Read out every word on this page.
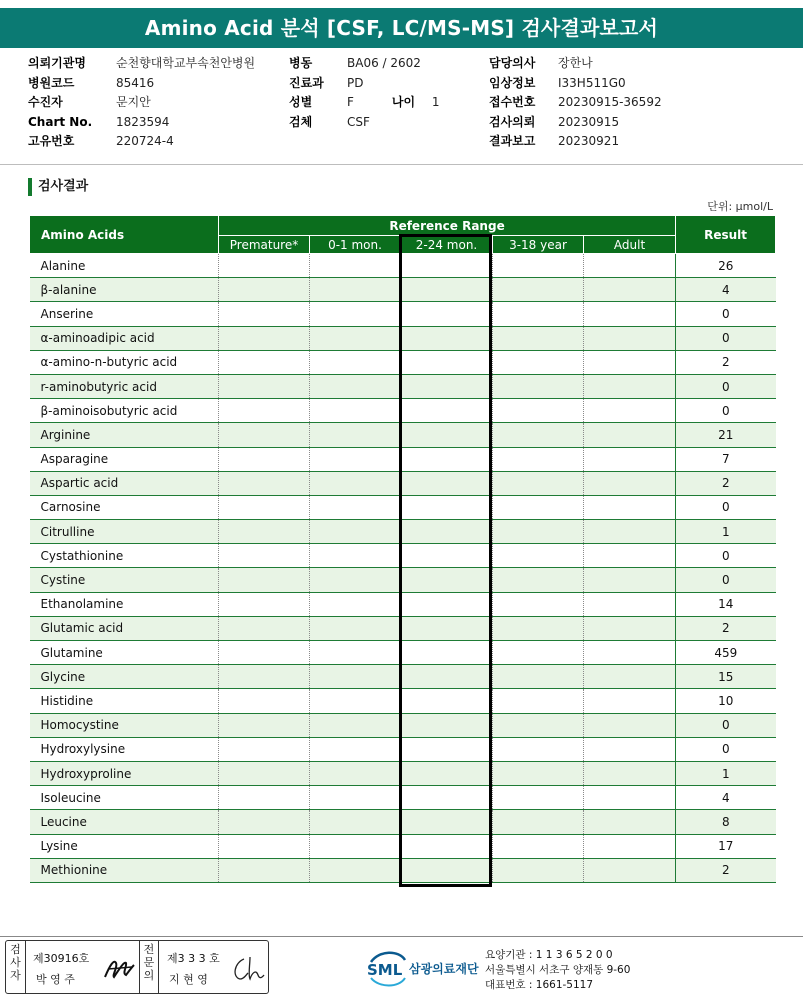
Amino Acid 분석 [CSF, LC/MS-MS] 검사결과보고서
의뢰기관명	순천향대학교부속천안병원
병원코드	85416
수진자	문지안
Chart No. 1823594
고유번호	220724-4
병동	BA06 / 2602
진료과 PD
성별	F	나이 1
검체	CSF
담당의사 장한나
임상정보 I33H511G0
접수번호 20230915-36592
검사의뢰 20230915
결과보고 20230921
검사결과
단위: μmol/L
Amino Acids	Reference Range					Result
	Premature*	0-1 mon.	2-24 mon.	3-18 year	Adult	
Alanine						26
β-alanine						4
Anserine						0
α-aminoadipic acid						0
α-amino-n-butyric acid						2
r-aminobutyric acid						0
β-aminoisobutyric acid						0
Arginine						21
Asparagine						7
Aspartic acid						2
Carnosine						0
Citrulline						1
Cystathionine						0
Cystine						0
Ethanolamine						14
Glutamic acid						2
Glutamine						459
Glycine						15
Histidine						10
Homocystine						0
Hydroxylysine						0
Hydroxyproline						1
Isoleucine						4
Leucine						8
Lysine						17
Methionine						2
검
사
자
제30916호
박 영 주
전
문
의
제3 3 3 호
지 현 영
SML 삼광의료재단
요양기관 : 1 1 3 6 5 2 0 0
서울특별시 서초구 양재동 9-60
대표번호 : 1661-5117
